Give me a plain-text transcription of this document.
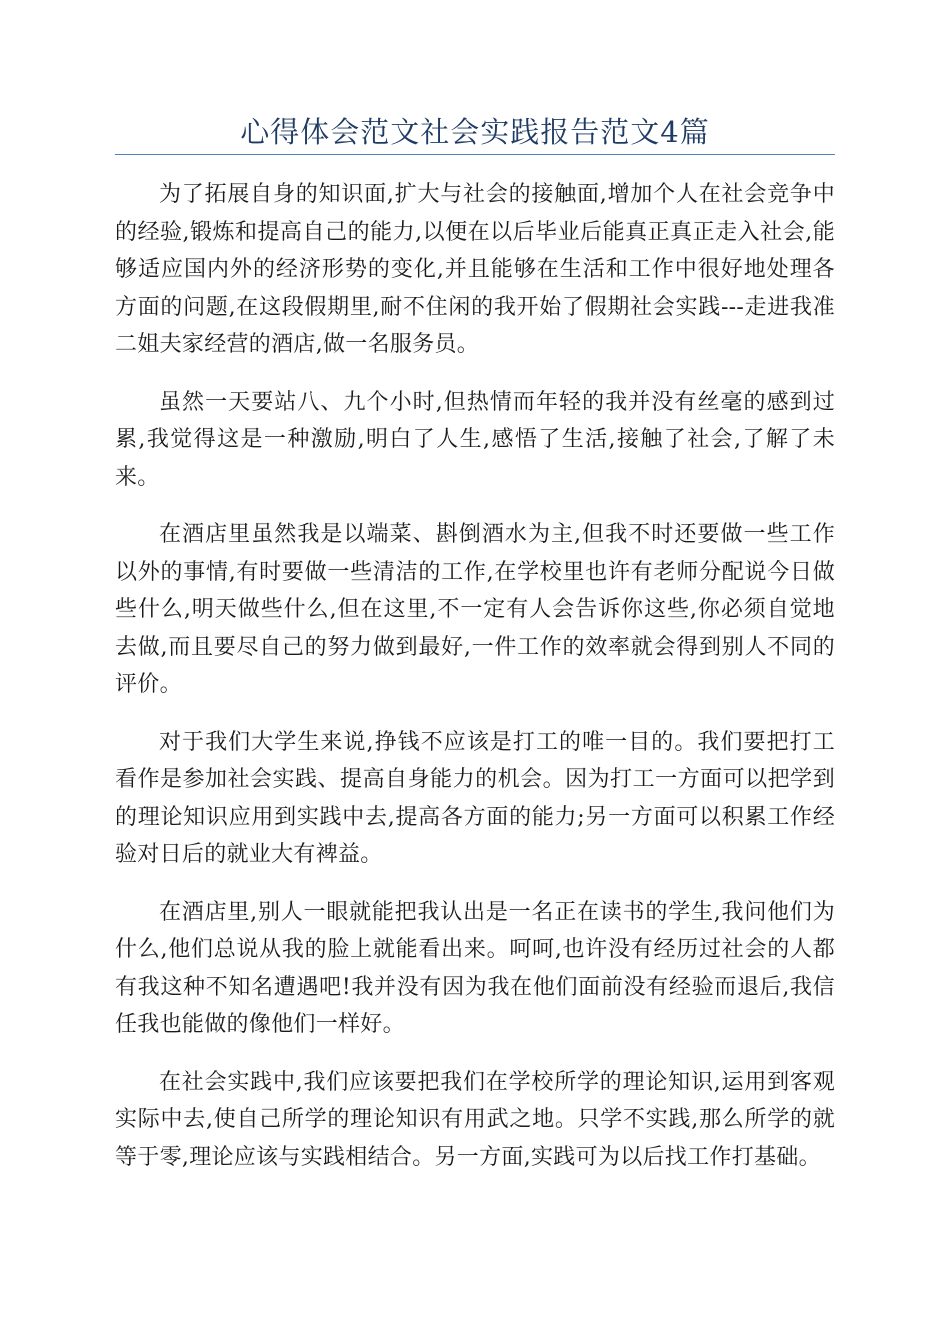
心得体会范文社会实践报告范文4篇

为了拓展自身的知识面,扩大与社会的接触面,增加个人在社会竞争中的经验,锻炼和提高自己的能力,以便在以后毕业后能真正真正走入社会,能够适应国内外的经济形势的变化,并且能够在生活和工作中很好地处理各方面的问题,在这段假期里,耐不住闲的我开始了假期社会实践---走进我准二姐夫家经营的酒店,做一名服务员。

虽然一天要站八、九个小时,但热情而年轻的我并没有丝毫的感到过累,我觉得这是一种激励,明白了人生,感悟了生活,接触了社会,了解了未来。

在酒店里虽然我是以端菜、斟倒酒水为主,但我不时还要做一些工作以外的事情,有时要做一些清洁的工作,在学校里也许有老师分配说今日做些什么,明天做些什么,但在这里,不一定有人会告诉你这些,你必须自觉地去做,而且要尽自己的努力做到最好,一件工作的效率就会得到别人不同的评价。

对于我们大学生来说,挣钱不应该是打工的唯一目的。我们要把打工看作是参加社会实践、提高自身能力的机会。因为打工一方面可以把学到的理论知识应用到实践中去,提高各方面的能力;另一方面可以积累工作经验对日后的就业大有裨益。

在酒店里,别人一眼就能把我认出是一名正在读书的学生,我问他们为什么,他们总说从我的脸上就能看出来。呵呵,也许没有经历过社会的人都有我这种不知名遭遇吧!我并没有因为我在他们面前没有经验而退后,我信任我也能做的像他们一样好。

在社会实践中,我们应该要把我们在学校所学的理论知识,运用到客观实际中去,使自己所学的理论知识有用武之地。只学不实践,那么所学的就等于零,理论应该与实践相结合。另一方面,实践可为以后找工作打基础。
